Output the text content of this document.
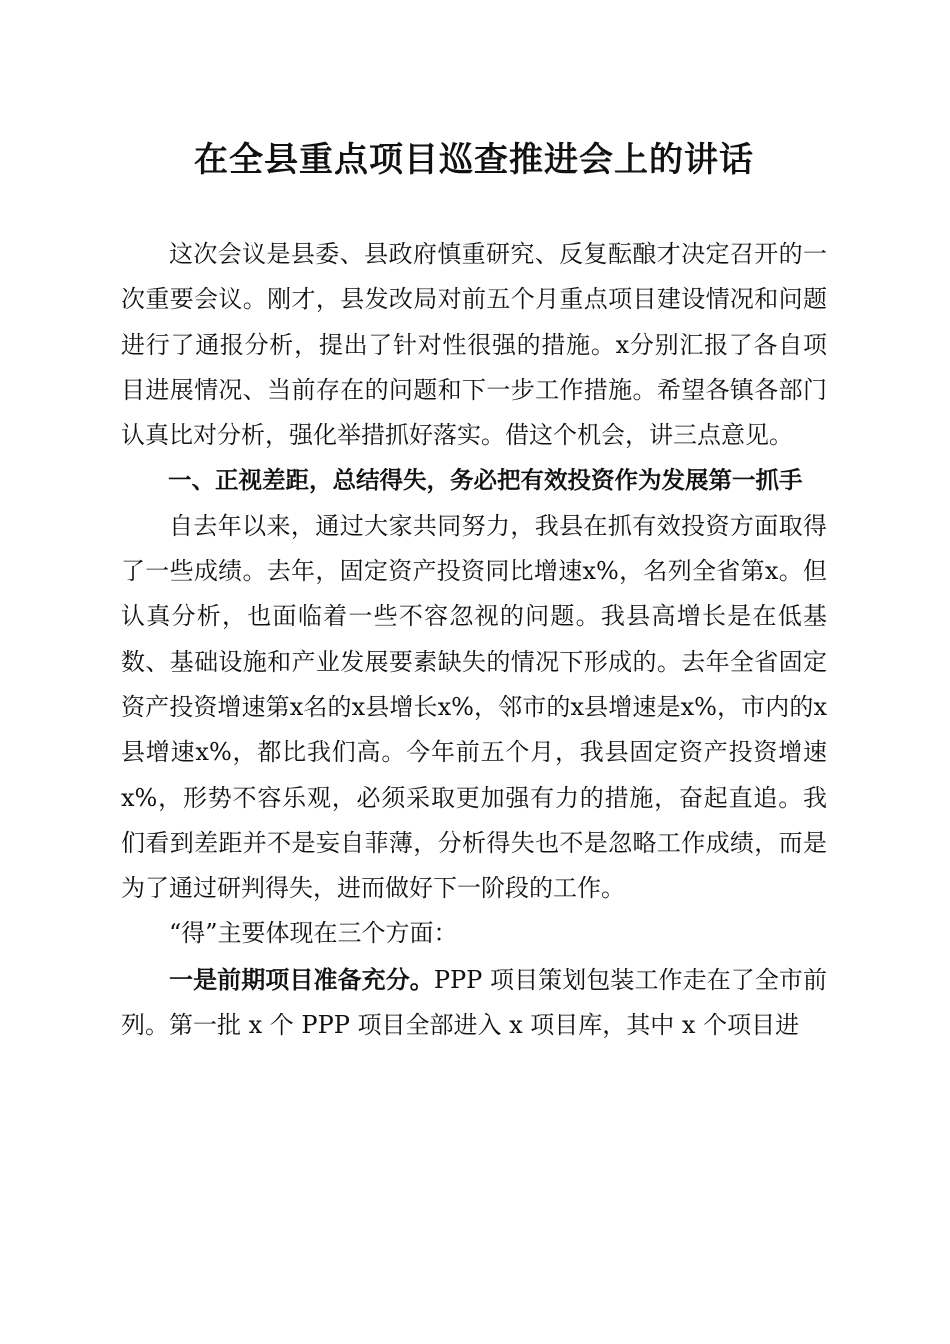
在全县重点项目巡查推进会上的讲话

这次会议是县委、县政府慎重研究、反复酝酿才决定召开的一次重要会议。刚才，县发改局对前五个月重点项目建设情况和问题进行了通报分析，提出了针对性很强的措施。x分别汇报了各自项目进展情况、当前存在的问题和下一步工作措施。希望各镇各部门认真比对分析，强化举措抓好落实。借这个机会，讲三点意见。

一、正视差距，总结得失，务必把有效投资作为发展第一抓手

自去年以来，通过大家共同努力，我县在抓有效投资方面取得了一些成绩。去年，固定资产投资同比增速x%，名列全省第x。但认真分析，也面临着一些不容忽视的问题。我县高增长是在低基数、基础设施和产业发展要素缺失的情况下形成的。去年全省固定资产投资增速第x名的x县增长x%，邻市的x县增速是x%，市内的x县增速x%，都比我们高。今年前五个月，我县固定资产投资增速x%，形势不容乐观，必须采取更加强有力的措施，奋起直追。我们看到差距并不是妄自菲薄，分析得失也不是忽略工作成绩，而是为了通过研判得失，进而做好下一阶段的工作。

“得”主要体现在三个方面：

一是前期项目准备充分。PPP 项目策划包装工作走在了全市前列。第一批 x 个 PPP 项目全部进入 x 项目库，其中 x 个项目进
